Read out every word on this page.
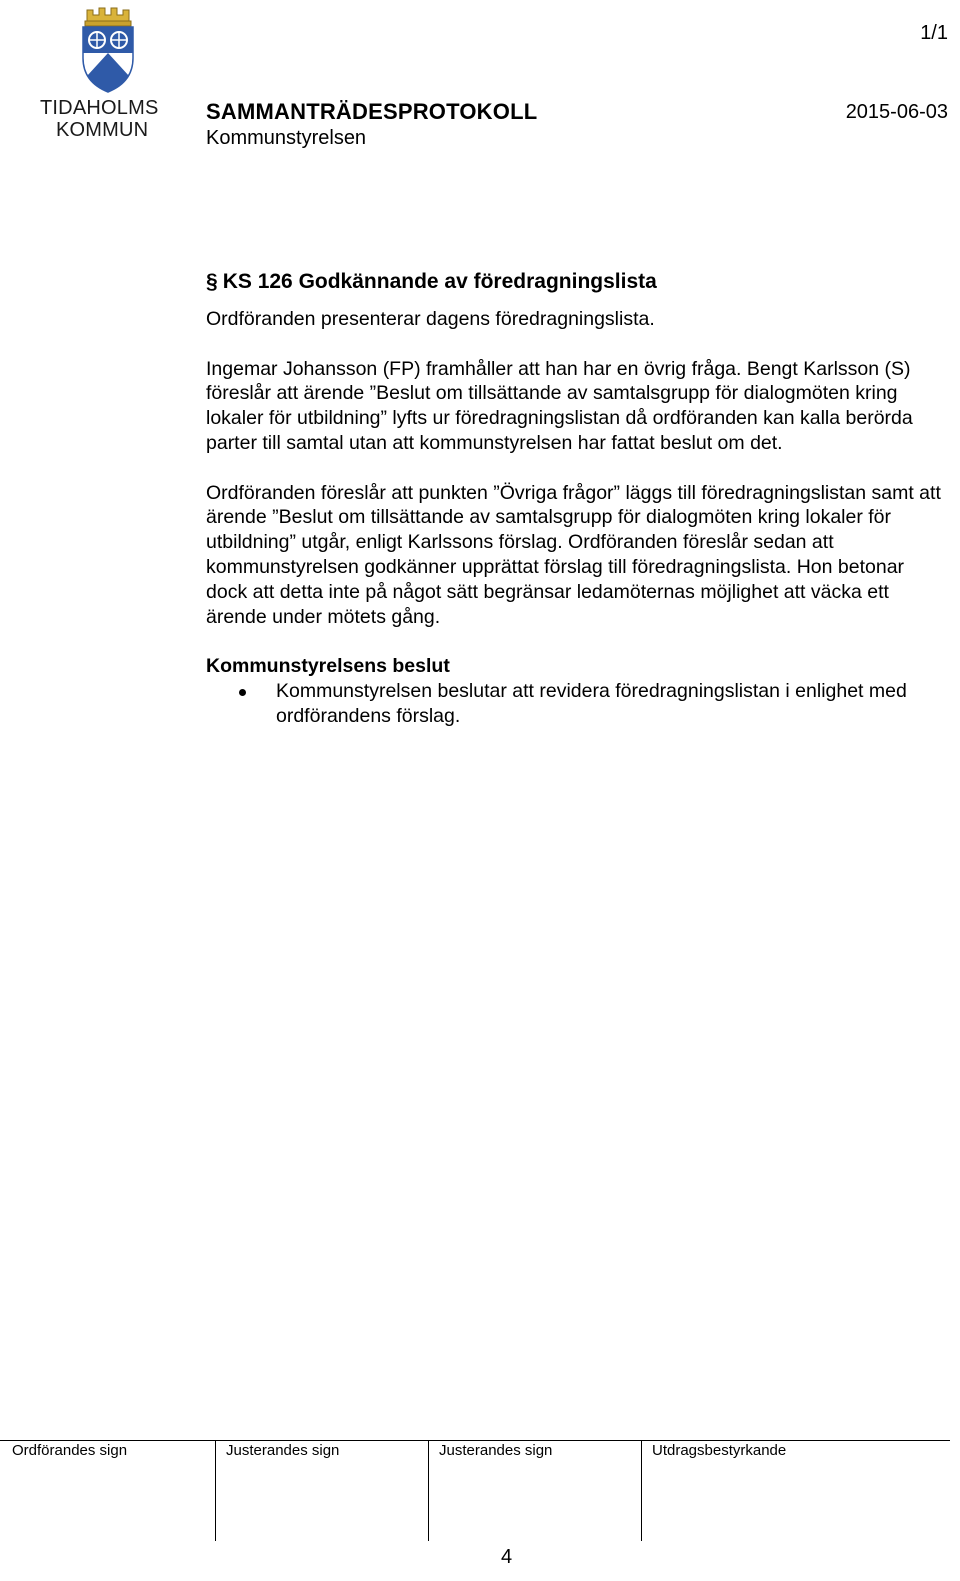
TIDAHOLMS
KOMMUN
1/1
SAMMANTRÄDESPROTOKOLL	2015-06-03
Kommunstyrelsen
§ KS 126 Godkännande av föredragningslista

Ordföranden presenterar dagens föredragningslista.

Ingemar Johansson (FP) framhåller att han har en övrig fråga. Bengt Karlsson (S) föreslår att ärende ”Beslut om tillsättande av samtalsgrupp för dialogmöten kring lokaler för utbildning” lyfts ur föredragningslistan då ordföranden kan kalla berörda parter till samtal utan att kommunstyrelsen har fattat beslut om det.

Ordföranden föreslår att punkten ”Övriga frågor” läggs till föredragningslistan samt att ärende ”Beslut om tillsättande av samtalsgrupp för dialogmöten kring lokaler för utbildning” utgår, enligt Karlssons förslag. Ordföranden föreslår sedan att kommunstyrelsen godkänner upprättat förslag till föredragningslista. Hon betonar dock att detta inte på något sätt begränsar ledamöternas möjlighet att väcka ett ärende under mötets gång.

Kommunstyrelsens beslut
Kommunstyrelsen beslutar att revidera föredragningslistan i enlighet med ordförandens förslag.
Ordförandes sign	Justerandes sign	Justerandes sign	Utdragsbestyrkande
4
